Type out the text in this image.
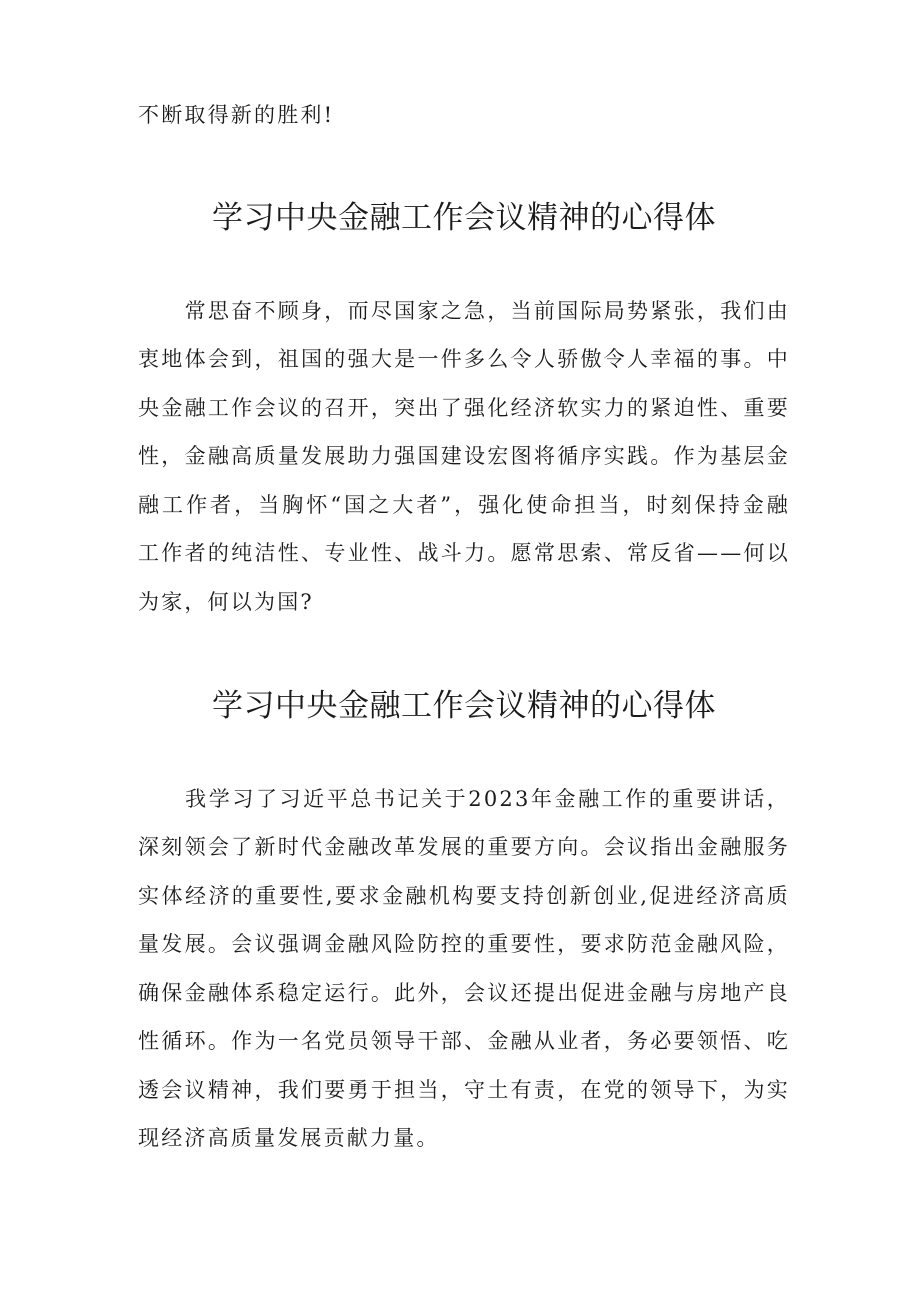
不断取得新的胜利!
学习中央金融工作会议精神的心得体
　　常思奋不顾身，而尽国家之急，当前国际局势紧张，我们由
衷地体会到，祖国的强大是一件多么令人骄傲令人幸福的事。中
央金融工作会议的召开，突出了强化经济软实力的紧迫性、重要
性，金融高质量发展助力强国建设宏图将循序实践。作为基层金
融工作者，当胸怀“国之大者”，强化使命担当，时刻保持金融
工作者的纯洁性、专业性、战斗力。愿常思索、常反省——何以
为家，何以为国?
学习中央金融工作会议精神的心得体
　　我学习了习近平总书记关于2023年金融工作的重要讲话，
深刻领会了新时代金融改革发展的重要方向。会议指出金融服务
实体经济的重要性,要求金融机构要支持创新创业,促进经济高质
量发展。会议强调金融风险防控的重要性，要求防范金融风险，
确保金融体系稳定运行。此外，会议还提出促进金融与房地产良
性循环。作为一名党员领导干部、金融从业者，务必要领悟、吃
透会议精神，我们要勇于担当，守土有责，在党的领导下，为实
现经济高质量发展贡献力量。
